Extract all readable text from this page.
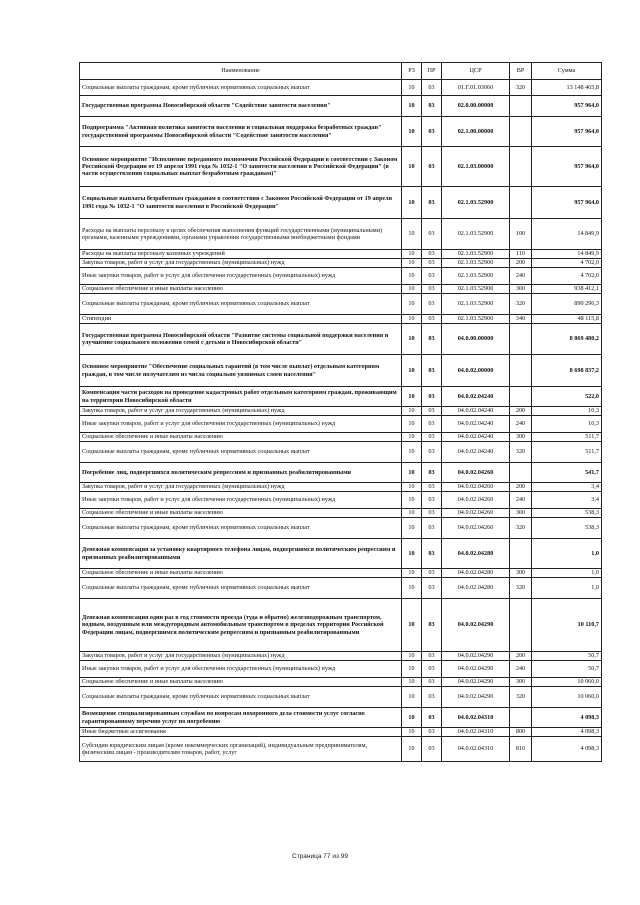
Наименование	РЗ	ПР	ЦСР	ВР	Сумма
Социальные выплаты гражданам, кроме публичных нормативных социальных выплат	10	03	01.Г.01.03060	320	13 148 465,8
Государственная программа Новосибирской области "Содействие занятости населения"	10	03	02.0.00.00000		957 964,0
Подпрограмма "Активная политика занятости населения и социальная поддержка безработных граждан" государственной программы Новосибирской области "Содействие занятости населения"	10	03	02.1.00.00000		957 964,0
Основное мероприятие "Исполнение переданного полномочия Российской Федерации в соответствии с Законом Российской Федерации от 19 апреля 1991 года № 1032-1 "О занятости населения в Российской Федерации" (в части осуществления социальных выплат безработным гражданам)"	10	03	02.1.03.00000		957 964,0
Социальные выплаты безработным гражданам в соответствии с Законом Российской Федерации от 19 апреля 1991 года № 1032-1 "О занятости населения в Российской Федерации"	10	03	02.1.03.52900		957 964,0
Расходы на выплаты персоналу в целях обеспечения выполнения функций государственными (муниципальными) органами, казенными учреждениями, органами управления государственными внебюджетными фондами	10	03	02.1.03.52900	100	14 849,9
Расходы на выплаты персоналу казенных учреждений	10	03	02.1.03.52900	110	14 849,9
Закупка товаров, работ и услуг для государственных (муниципальных) нужд	10	03	02.1.03.52900	200	4 702,0
Иные закупки товаров, работ и услуг для обеспечения государственных (муниципальных) нужд	10	03	02.1.03.52900	240	4 702,0
Социальное обеспечение и иные выплаты населению	10	03	02.1.03.52900	300	938 412,1
Социальные выплаты гражданам, кроме публичных нормативных социальных выплат	10	03	02.1.03.52900	320	890 296,3
Стипендии	10	03	02.1.03.52900	340	48 115,8
Государственная программа Новосибирской области "Развитие системы социальной поддержки населения и улучшение социального положения семей с детьми в Новосибирской области"	10	03	04.0.00.00000		8 869 480,2
Основное мероприятие "Обеспечение социальных гарантий (в том числе выплат) отдельным категориям граждан, в том числе получателям из числа социально уязвимых слоев населения"	10	03	04.0.02.00000		8 698 837,2
Компенсация части расходов на проведение кадастровых работ отдельным категориям граждан, проживающим на территории Новосибирской области	10	03	04.0.02.04240		522,0
Закупка товаров, работ и услуг для государственных (муниципальных) нужд	10	03	04.0.02.04240	200	10,3
Иные закупки товаров, работ и услуг для обеспечения государственных (муниципальных) нужд	10	03	04.0.02.04240	240	10,3
Социальное обеспечение и иные выплаты населению	10	03	04.0.02.04240	300	511,7
Социальные выплаты гражданам, кроме публичных нормативных социальных выплат	10	03	04.0.02.04240	320	511,7
Погребение лиц, подвергшихся политическим репрессиям и признанных реабилитированными	10	03	04.0.02.04260		541,7
Закупка товаров, работ и услуг для государственных (муниципальных) нужд	10	03	04.0.02.04260	200	3,4
Иные закупки товаров, работ и услуг для обеспечения государственных (муниципальных) нужд	10	03	04.0.02.04260	240	3,4
Социальное обеспечение и иные выплаты населению	10	03	04.0.02.04260	300	538,3
Социальные выплаты гражданам, кроме публичных нормативных социальных выплат	10	03	04.0.02.04260	320	538,3
Денежная компенсация за установку квартирного телефона лицам, подвергшимся политическим репрессиям и признанных реабилитированными	10	03	04.0.02.04280		1,0
Социальное обеспечение и иные выплаты населению	10	03	04.0.02.04280	300	1,0
Социальные выплаты гражданам, кроме публичных нормативных социальных выплат	10	03	04.0.02.04280	320	1,0
Денежная компенсация один раз в год стоимости проезда (туда и обратно) железнодорожным транспортом, водным, воздушным или междугородным автомобильным транспортом в пределах территории Российской Федерации лицам, подвергшимся политическим репрессиям и признанным реабилитированными	10	03	04.0.02.04290		10 110,7
Закупка товаров, работ и услуг для государственных (муниципальных) нужд	10	03	04.0.02.04290	200	50,7
Иные закупки товаров, работ и услуг для обеспечения государственных (муниципальных) нужд	10	03	04.0.02.04290	240	50,7
Социальное обеспечение и иные выплаты населению	10	03	04.0.02.04290	300	10 060,0
Социальные выплаты гражданам, кроме публичных нормативных социальных выплат	10	03	04.0.02.04290	320	10 060,0
Возмещение специализированным службам по вопросам похоронного дела стоимости услуг согласно гарантированному перечню услуг по погребению	10	03	04.0.02.04310		4 098,3
Иные бюджетные ассигнования	10	03	04.0.02.04310	800	4 098,3
Субсидии юридическим лицам (кроме некоммерческих организаций), индивидуальным предпринимателям, физическим лицам - производителям товаров, работ, услуг	10	03	04.0.02.04310	810	4 098,3
Страница 77 из 99
